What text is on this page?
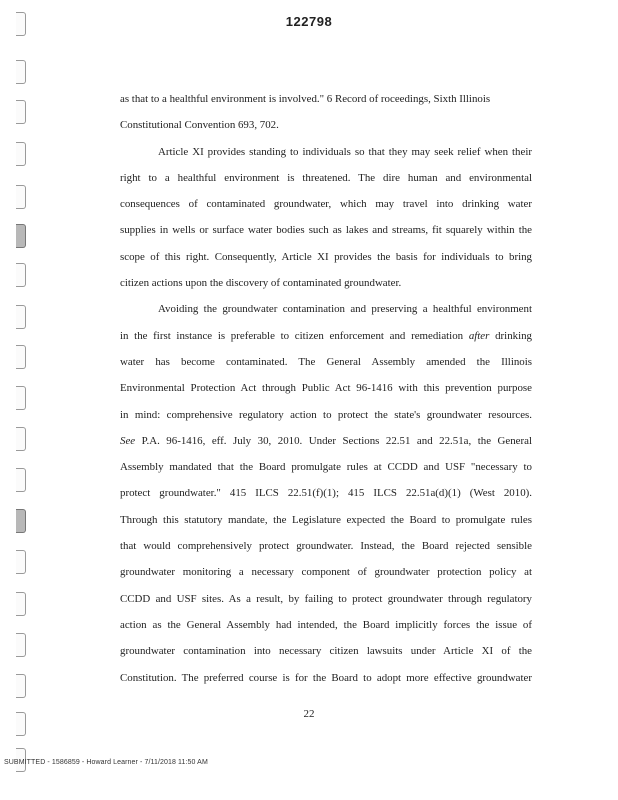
122798
as that to a healthful environment is involved." 6 Record of roceedings, Sixth Illinois
Constitutional Convention 693, 702.
Article XI provides standing to individuals so that they may seek relief when their
right to a healthful environment is threatened. The dire human and environmental
consequences of contaminated groundwater, which may travel into drinking water
supplies in wells or surface water bodies such as lakes and streams, fit squarely within the
scope of this right. Consequently, Article XI provides the basis for individuals to bring
citizen actions upon the discovery of contaminated groundwater.
Avoiding the groundwater contamination and preserving a healthful environment
in the first instance is preferable to citizen enforcement and remediation after drinking
water has become contaminated. The General Assembly amended the Illinois
Environmental Protection Act through Public Act 96-1416 with this prevention purpose
in mind: comprehensive regulatory action to protect the state's groundwater resources.
See P.A. 96-1416, eff. July 30, 2010. Under Sections 22.51 and 22.51a, the General
Assembly mandated that the Board promulgate rules at CCDD and USF "necessary to
protect groundwater." 415 ILCS 22.51(f)(1); 415 ILCS 22.51a(d)(1) (West 2010).
Through this statutory mandate, the Legislature expected the Board to promulgate rules
that would comprehensively protect groundwater. Instead, the Board rejected sensible
groundwater monitoring a necessary component of groundwater protection policy at
CCDD and USF sites. As a result, by failing to protect groundwater through regulatory
action as the General Assembly had intended, the Board implicitly forces the issue of
groundwater contamination into necessary citizen lawsuits under Article XI of the
Constitution. The preferred course is for the Board to adopt more effective groundwater
22
SUBMITTED - 1586859 - Howard Learner - 7/11/2018 11:50 AM
